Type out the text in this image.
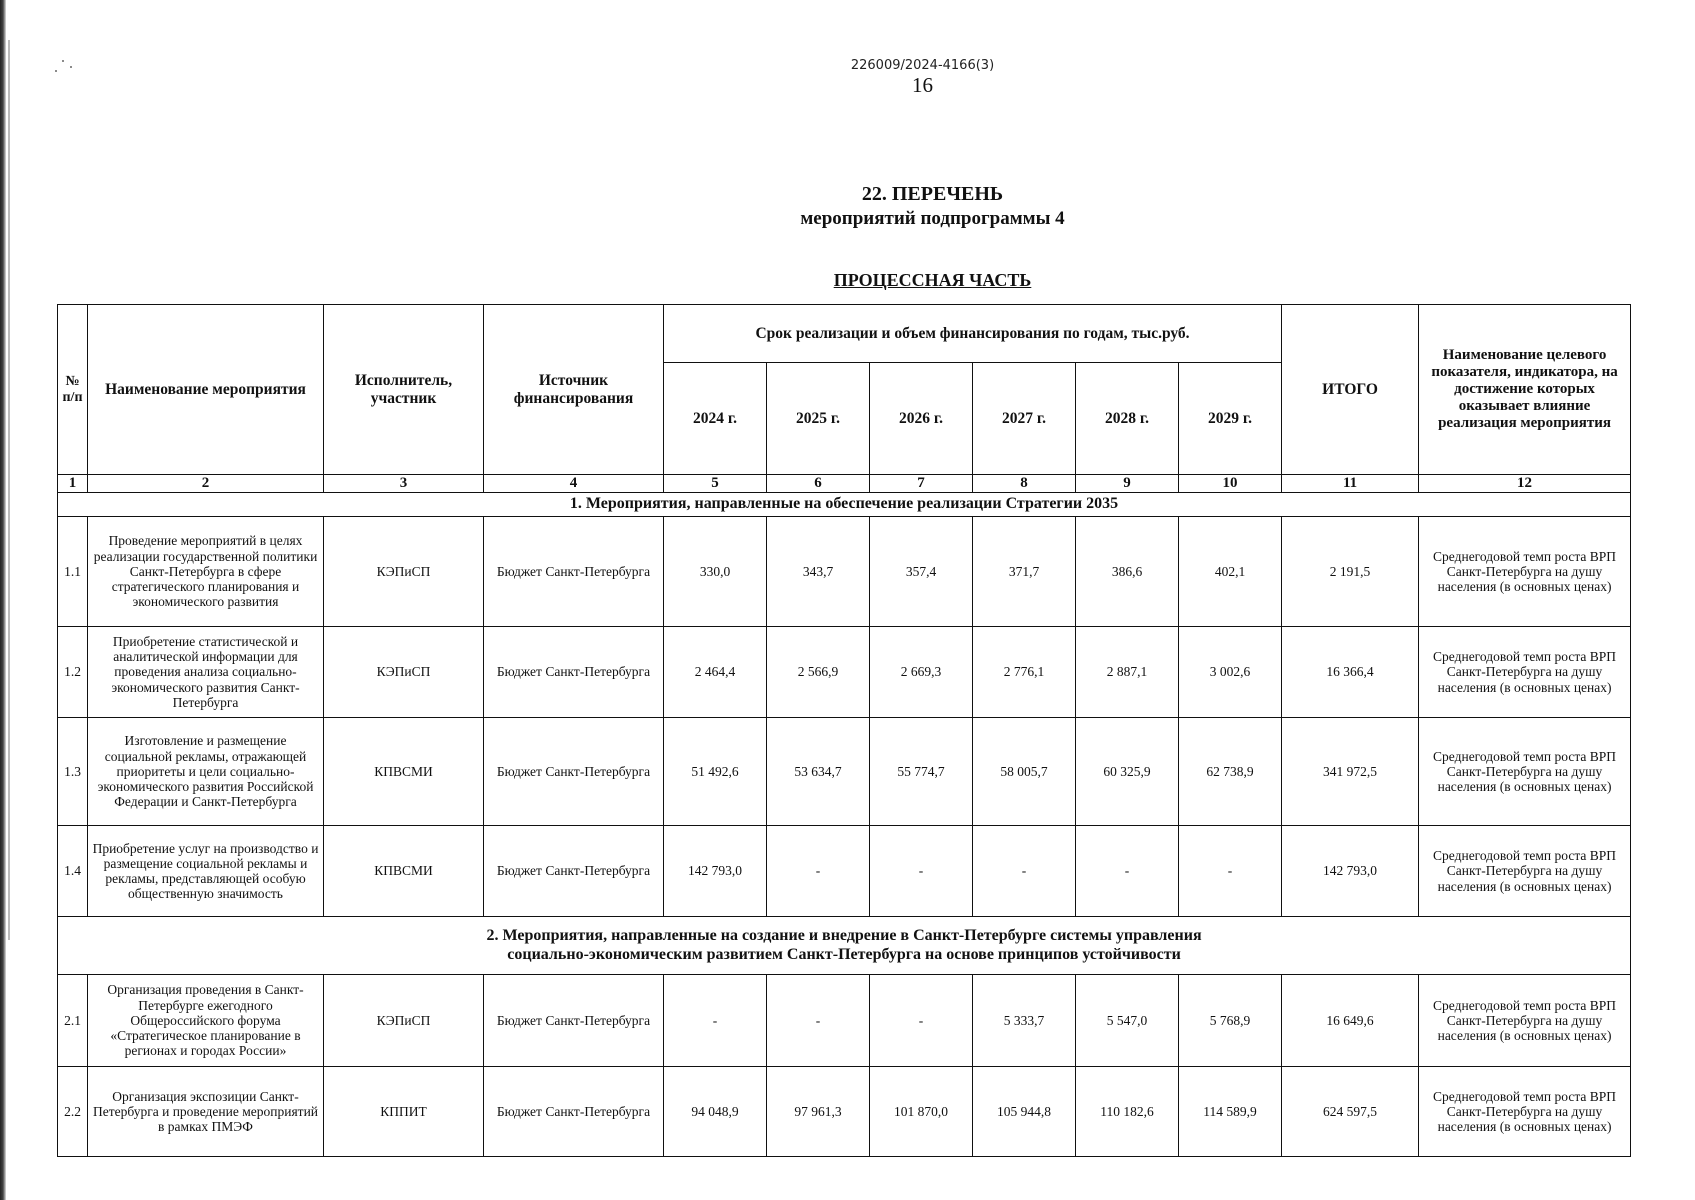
226009/2024-4166(3)
16
22. ПЕРЕЧЕНЬ
мероприятий подпрограммы 4
ПРОЦЕССНАЯ ЧАСТЬ
№ п/п	Наименование мероприятия	Исполнитель, участник	Источник финансирования	Срок реализации и объем финансирования по годам, тыс.руб.						ИТОГО	Наименование целевого показателя, индикатора, на достижение которых оказывает влияние реализация мероприятия
				2024 г.	2025 г.	2026 г.	2027 г.	2028 г.	2029 г.		
1	2	3	4	5	6	7	8	9	10	11	12
1. Мероприятия, направленные на обеспечение реализации Стратегии 2035											
1.1	Проведение мероприятий в целях реализации государственной политики Санкт-Петербурга в сфере стратегического планирования и экономического развития	КЭПиСП	Бюджет Санкт-Петербурга	330,0	343,7	357,4	371,7	386,6	402,1	2 191,5	Среднегодовой темп роста ВРП Санкт-Петербурга на душу населения (в основных ценах)
1.2	Приобретение статистической и аналитической информации для проведения анализа социально-экономического развития Санкт-Петербурга	КЭПиСП	Бюджет Санкт-Петербурга	2 464,4	2 566,9	2 669,3	2 776,1	2 887,1	3 002,6	16 366,4	Среднегодовой темп роста ВРП Санкт-Петербурга на душу населения (в основных ценах)
1.3	Изготовление и размещение социальной рекламы, отражающей приоритеты и цели социально-экономического развития Российской Федерации и Санкт-Петербурга	КПВСМИ	Бюджет Санкт-Петербурга	51 492,6	53 634,7	55 774,7	58 005,7	60 325,9	62 738,9	341 972,5	Среднегодовой темп роста ВРП Санкт-Петербурга на душу населения (в основных ценах)
1.4	Приобретение услуг на производство и размещение социальной рекламы и рекламы, представляющей особую общественную значимость	КПВСМИ	Бюджет Санкт-Петербурга	142 793,0	-	-	-	-	-	142 793,0	Среднегодовой темп роста ВРП Санкт-Петербурга на душу населения (в основных ценах)

2. Мероприятия, направленные на создание и внедрение в Санкт-Петербурге системы управления
социально-экономическим развитием Санкт-Петербурга на основе принципов устойчивости											

2.1	Организация проведения в Санкт-Петербурге ежегодного Общероссийского форума «Стратегическое планирование в регионах и городах России»	КЭПиСП	Бюджет Санкт-Петербурга	-	-	-	5 333,7	5 547,0	5 768,9	16 649,6	Среднегодовой темп роста ВРП Санкт-Петербурга на душу населения (в основных ценах)
2.2	Организация экспозиции Санкт-Петербурга и проведение мероприятий в рамках ПМЭФ	КППИТ	Бюджет Санкт-Петербурга	94 048,9	97 961,3	101 870,0	105 944,8	110 182,6	114 589,9	624 597,5	Среднегодовой темп роста ВРП Санкт-Петербурга на душу населения (в основных ценах)
